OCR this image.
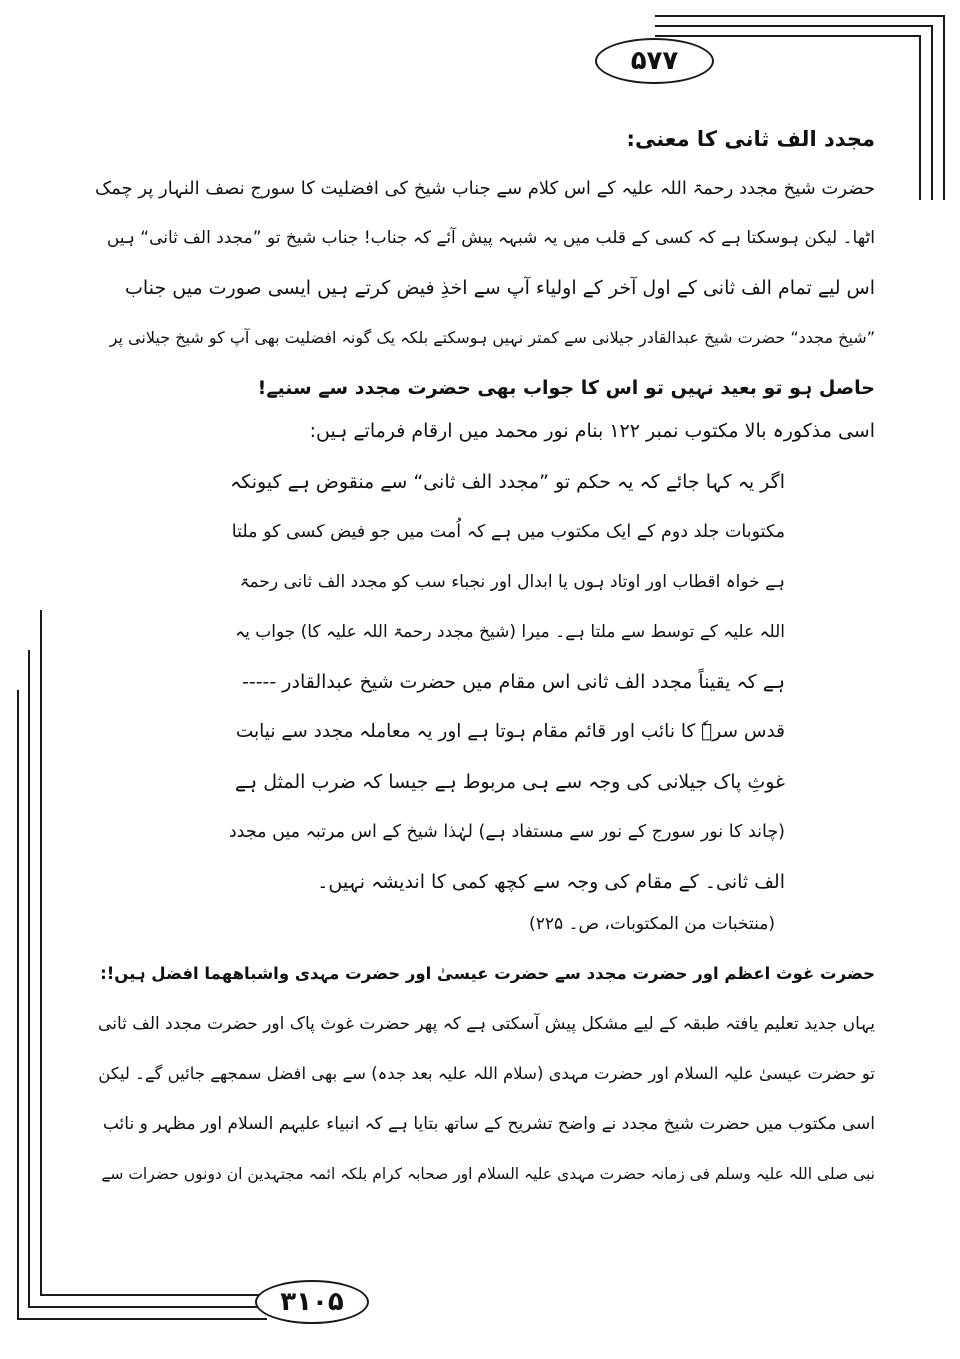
۵۷۷
۳۱۰۵

مجدد الف ثانی کا معنی:

حضرت شیخ مجدد رحمۃ اللہ علیہ کے اس کلام سے جناب شیخ کی افضلیت کا سورج نصف النہار پر چمک

اٹھا۔ لیکن ہوسکتا ہے کہ کسی کے قلب میں یہ شبہہ پیش آئے کہ جناب! جناب شیخ تو ”مجدد الف ثانی“ ہیں

اس لیے تمام الف ثانی کے اول آخر کے اولیاء آپ سے اخذِ فیض کرتے ہیں ایسی صورت میں جناب

”شیخ مجدد“ حضرت شیخ عبدالقادر جیلانی سے کمتر نہیں ہوسکتے بلکہ یک گونہ افضلیت بھی آپ کو شیخ جیلانی پر

حاصل ہو تو بعید نہیں تو اس کا جواب بھی حضرت مجدد سے سنیے!

اسی مذکورہ بالا مکتوب نمبر ۱۲۲ بنام نور محمد میں ارقام فرماتے ہیں:

اگر یہ کہا جائے کہ یہ حکم تو ”مجدد الف ثانی“ سے منقوض ہے کیونکہ

مکتوبات جلد دوم کے ایک مکتوب میں ہے کہ اُمت میں جو فیض کسی کو ملتا

ہے خواہ اقطاب اور اوتاد ہوں یا ابدال اور نجباء سب کو مجدد الف ثانی رحمۃ

اللہ علیہ کے توسط سے ملتا ہے۔ میرا (شیخ مجدد رحمۃ اللہ علیہ کا) جواب یہ

ہے کہ یقیناً مجدد الف ثانی اس مقام میں حضرت شیخ عبدالقادر -----

قدس سرہٗ کا نائب اور قائم مقام ہوتا ہے اور یہ معاملہ مجدد سے نیابت

غوثِ پاک جیلانی کی وجہ سے ہی مربوط ہے جیسا کہ ضرب المثل ہے

(چاند کا نور سورج کے نور سے مستفاد ہے) لہٰذا شیخ کے اس مرتبہ میں مجدد

الف ثانی۔ کے مقام کی وجہ سے کچھ کمی کا اندیشہ نہیں۔

(منتخبات من المکتوبات، ص۔ ۲۲۵)

حضرت غوث اعظم اور حضرت مجدد سے حضرت عیسیٰ اور حضرت مہدی واشباھھما افضل ہیں!:

یہاں جدید تعلیم یافتہ طبقہ کے لیے مشکل پیش آسکتی ہے کہ پھر حضرت غوث پاک اور حضرت مجدد الف ثانی

تو حضرت عیسیٰ علیہ السلام اور حضرت مہدی (سلام اللہ علیہ بعد جدہ) سے بھی افضل سمجھے جائیں گے۔ لیکن

اسی مکتوب میں حضرت شیخ مجدد نے واضح تشریح کے ساتھ بتایا ہے کہ انبیاء علیہم السلام اور مظہر و نائب

نبی صلی اللہ علیہ وسلم فی زمانہ حضرت مہدی علیہ السلام اور صحابہ کرام بلکہ ائمہ مجتہدین ان دونوں حضرات سے
